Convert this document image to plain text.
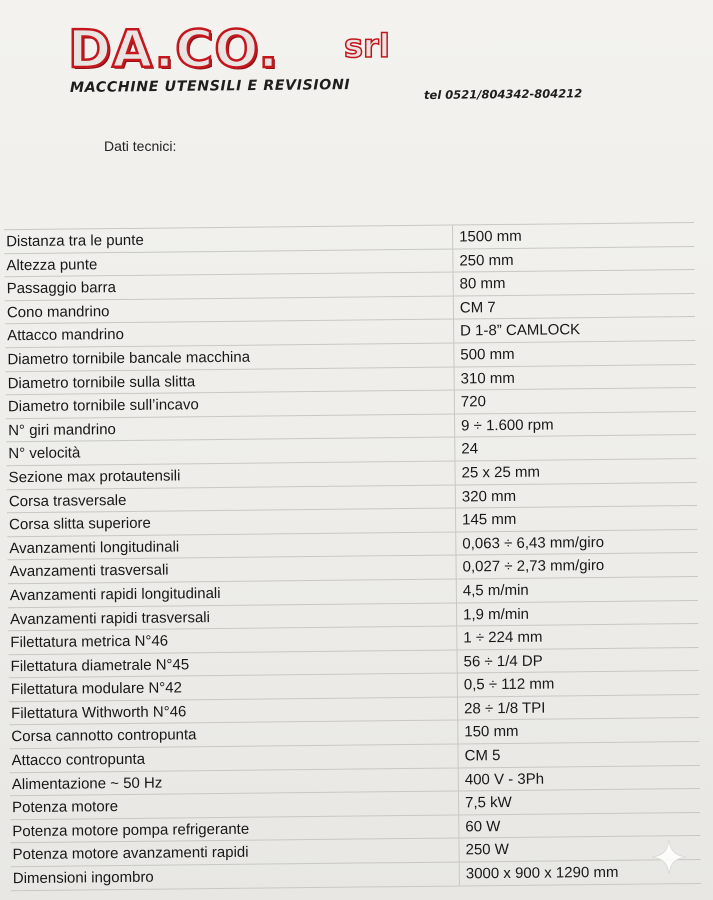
DA.CO. srl
MACCHINE UTENSILI E REVISIONI	tel 0521/804342-804212
Dati tecnici:
Distanza tra le punte	1500 mm
Altezza punte	250 mm
Passaggio barra	80 mm
Cono mandrino	CM 7
Attacco mandrino	D 1-8” CAMLOCK
Diametro tornibile bancale macchina	500 mm
Diametro tornibile sulla slitta	310 mm
Diametro tornibile sull’incavo	720
N° giri mandrino	9 ÷ 1.600 rpm
N° velocità	24
Sezione max protautensili	25 x 25 mm
Corsa trasversale	320 mm
Corsa slitta superiore	145 mm
Avanzamenti longitudinali	0,063 ÷ 6,43 mm/giro
Avanzamenti trasversali	0,027 ÷ 2,73 mm/giro
Avanzamenti rapidi longitudinali	4,5 m/min
Avanzamenti rapidi trasversali	1,9 m/min
Filettatura metrica N°46	1 ÷ 224 mm
Filettatura diametrale N°45	56 ÷ 1/4 DP
Filettatura modulare N°42	0,5 ÷ 112 mm
Filettatura Withworth N°46	28 ÷ 1/8 TPI
Corsa cannotto contropunta	150 mm
Attacco contropunta	CM 5
Alimentazione ~ 50 Hz	400 V - 3Ph
Potenza motore	7,5 kW
Potenza motore pompa refrigerante	60 W
Potenza motore avanzamenti rapidi	250 W
Dimensioni ingombro	3000 x 900 x 1290 mm
